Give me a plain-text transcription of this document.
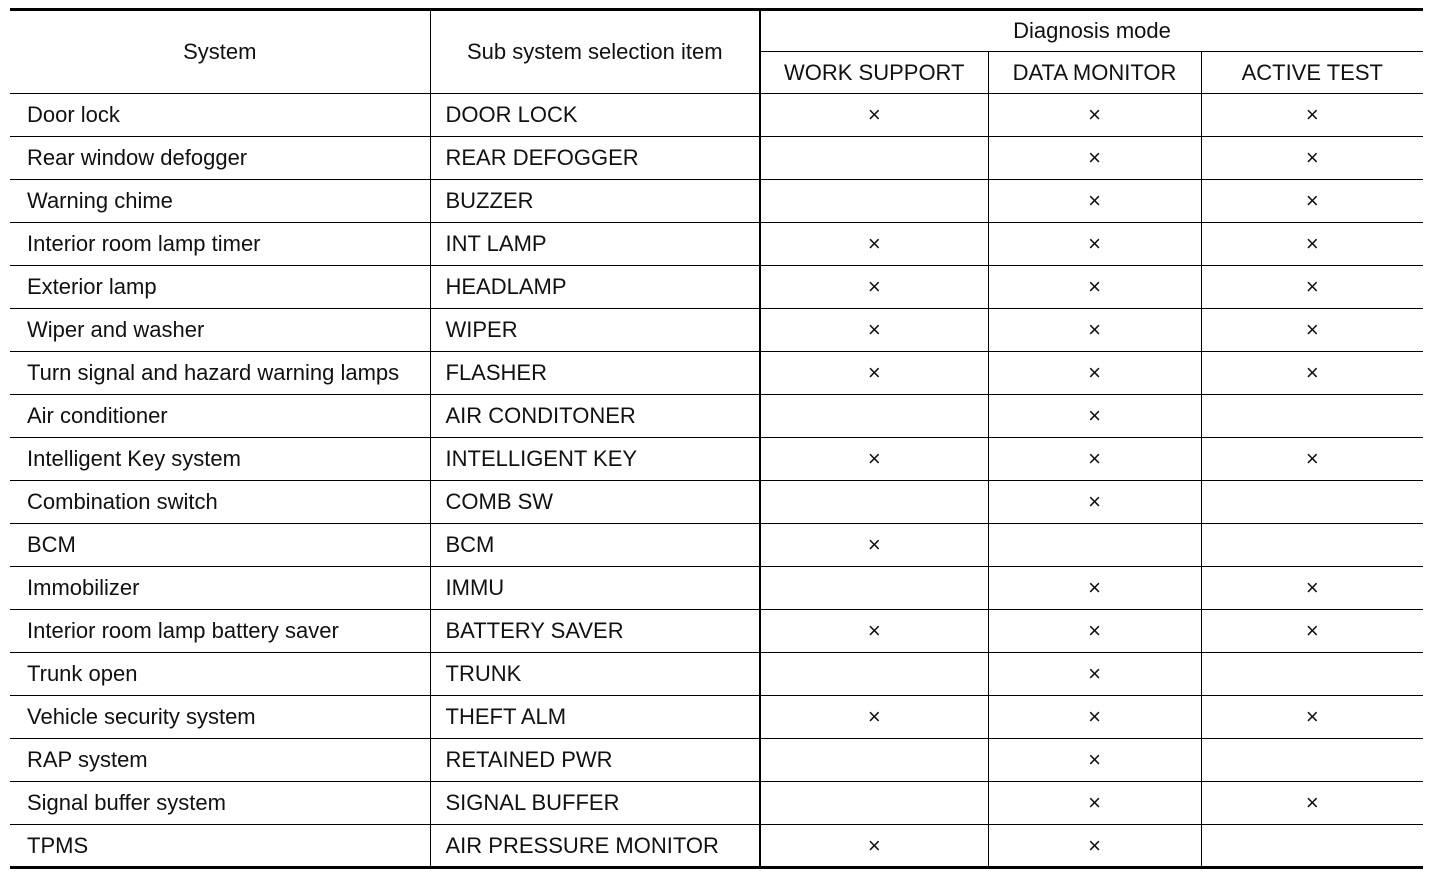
System	Sub system selection item	Diagnosis mode		
		WORK SUPPORT	DATA MONITOR	ACTIVE TEST
Door lock	DOOR LOCK	×	×	×
Rear window defogger	REAR DEFOGGER		×	×
Warning chime	BUZZER		×	×
Interior room lamp timer	INT LAMP	×	×	×
Exterior lamp	HEADLAMP	×	×	×
Wiper and washer	WIPER	×	×	×
Turn signal and hazard warning lamps	FLASHER	×	×	×
Air conditioner	AIR CONDITONER		×	
Intelligent Key system	INTELLIGENT KEY	×	×	×
Combination switch	COMB SW		×	
BCM	BCM	×		
Immobilizer	IMMU		×	×
Interior room lamp battery saver	BATTERY SAVER	×	×	×
Trunk open	TRUNK		×	
Vehicle security system	THEFT ALM	×	×	×
RAP system	RETAINED PWR		×	
Signal buffer system	SIGNAL BUFFER		×	×
TPMS	AIR PRESSURE MONITOR	×	×	
